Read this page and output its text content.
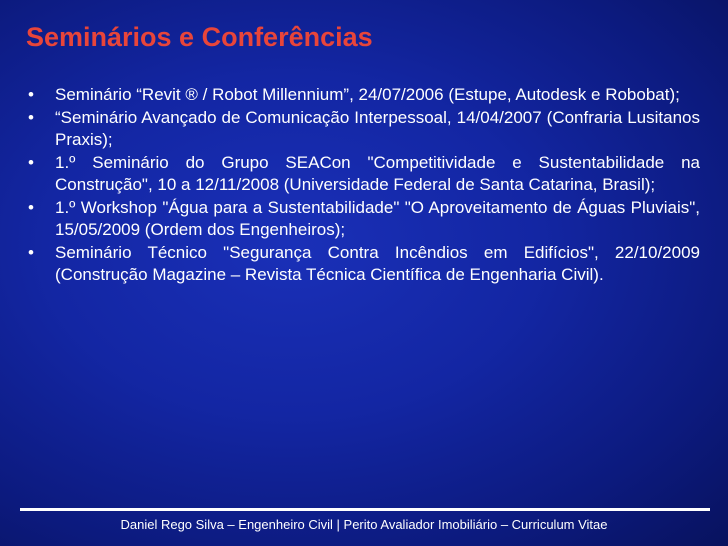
Seminários e Conferências
• Seminário “Revit ® / Robot Millennium”, 24/07/2006 (Estupe, Autodesk e Robobat);
• “Seminário Avançado de Comunicação Interpessoal, 14/04/2007 (Confraria Lusitanos Praxis);
• 1.º Seminário do Grupo SEACon "Competitividade e Sustentabilidade na Construção", 10 a 12/11/2008 (Universidade Federal de Santa Catarina, Brasil);
• 1.º Workshop "Água para a Sustentabilidade" "O Aproveitamento de Águas Pluviais", 15/05/2009 (Ordem dos Engenheiros);
• Seminário Técnico "Segurança Contra Incêndios em Edifícios", 22/10/2009 (Construção Magazine – Revista Técnica Científica de Engenharia Civil).
Daniel Rego Silva – Engenheiro Civil | Perito Avaliador Imobiliário – Curriculum Vitae
